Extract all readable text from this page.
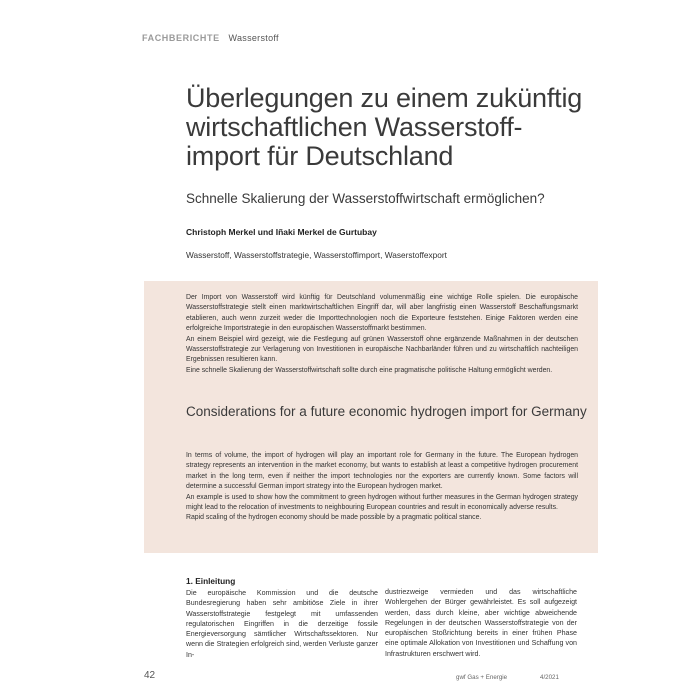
FACHBERICHTE Wasserstoff
Überlegungen zu einem zukünftig
wirtschaftlichen Wasserstoff-
import für Deutschland
Schnelle Skalierung der Wasserstoffwirtschaft ermöglichen?
Christoph Merkel und Iñaki Merkel de Gurtubay
Wasserstoff, Wasserstoffstrategie, Wasserstoffimport, Waserstoffexport

Der Import von Wasserstoff wird künftig für Deutschland volumenmäßig eine wichtige Rolle spielen. Die europäische Wasserstoffstrategie stellt einen marktwirtschaftlichen Eingriff dar, will aber langfristig einen Wasserstoff Beschaffungsmarkt etablieren, auch wenn zurzeit weder die Importtechnologien noch die Exporteure feststehen. Einige Faktoren werden eine erfolgreiche Importstrategie in den europäischen Wasserstoffmarkt bestimmen.

An einem Beispiel wird gezeigt, wie die Festlegung auf grünen Wasserstoff ohne ergänzende Maßnahmen in der deutschen Wasserstoffstrategie zur Verlagerung von Investitionen in europäische Nachbarländer führen und zu wirtschaftlich nachteiligen Ergebnissen resultieren kann.

Eine schnelle Skalierung der Wasserstoffwirtschaft sollte durch eine pragmatische politische Haltung ermöglicht werden.

Considerations for a future economic hydrogen import for Germany

In terms of volume, the import of hydrogen will play an important role for Germany in the future. The European hydrogen strategy represents an intervention in the market economy, but wants to establish at least a competitive hydrogen procurement market in the long term, even if neither the import technologies nor the exporters are currently known. Some factors will determine a successful German import strategy into the European hydrogen market.

An example is used to show how the commitment to green hydrogen without further measures in the German hydrogen strategy might lead to the relocation of investments to neighbouring European countries and result in economically adverse results.

Rapid scaling of the hydrogen economy should be made possible by a pragmatic political stance.

1. Einleitung

Die europäische Kommission und die deutsche Bundesregierung haben sehr ambitiöse Ziele in ihrer Wasserstoffstrategie festgelegt mit umfassenden regulatorischen Eingriffen in die derzeitige fossile Energieversorgung sämtlicher Wirtschaftssektoren. Nur wenn die Strategien erfolgreich sind, werden Verluste ganzer In-

dustriezweige vermieden und das wirtschaftliche Wohlergehen der Bürger gewährleistet. Es soll aufgezeigt werden, dass durch kleine, aber wichtige abweichende Regelungen in der deutschen Wasserstoffstrategie von der europäischen Stoßrichtung bereits in einer frühen Phase eine optimale Allokation von Investitionen und Schaffung von Infrastrukturen erschwert wird.

42	gwf Gas + Energie	4/2021
